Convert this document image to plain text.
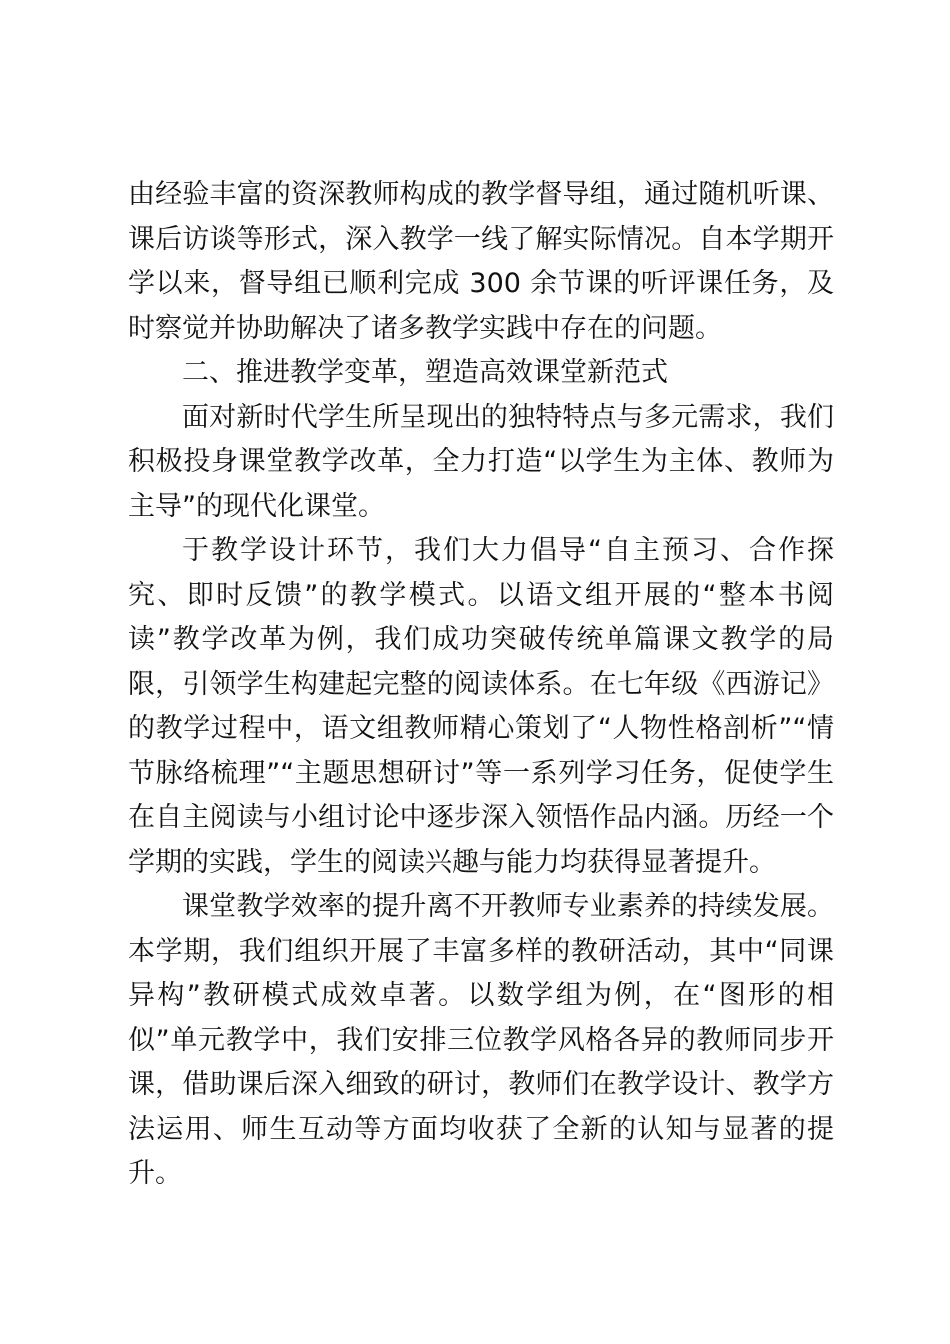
由经验丰富的资深教师构成的教学督导组，通过随机听课、课后访谈等形式，深入教学一线了解实际情况。自本学期开学以来，督导组已顺利完成 300 余节课的听评课任务，及时察觉并协助解决了诸多教学实践中存在的问题。

二、推进教学变革，塑造高效课堂新范式

面对新时代学生所呈现出的独特特点与多元需求，我们积极投身课堂教学改革，全力打造“以学生为主体、教师为主导”的现代化课堂。

于教学设计环节，我们大力倡导“自主预习、合作探究、即时反馈”的教学模式。以语文组开展的“整本书阅读”教学改革为例，我们成功突破传统单篇课文教学的局限，引领学生构建起完整的阅读体系。在七年级《西游记》的教学过程中，语文组教师精心策划了“人物性格剖析”“情节脉络梳理”“主题思想研讨”等一系列学习任务，促使学生在自主阅读与小组讨论中逐步深入领悟作品内涵。历经一个学期的实践，学生的阅读兴趣与能力均获得显著提升。

课堂教学效率的提升离不开教师专业素养的持续发展。本学期，我们组织开展了丰富多样的教研活动，其中“同课异构”教研模式成效卓著。以数学组为例，在“图形的相似”单元教学中，我们安排三位教学风格各异的教师同步开课，借助课后深入细致的研讨，教师们在教学设计、教学方法运用、师生互动等方面均收获了全新的认知与显著的提升。
